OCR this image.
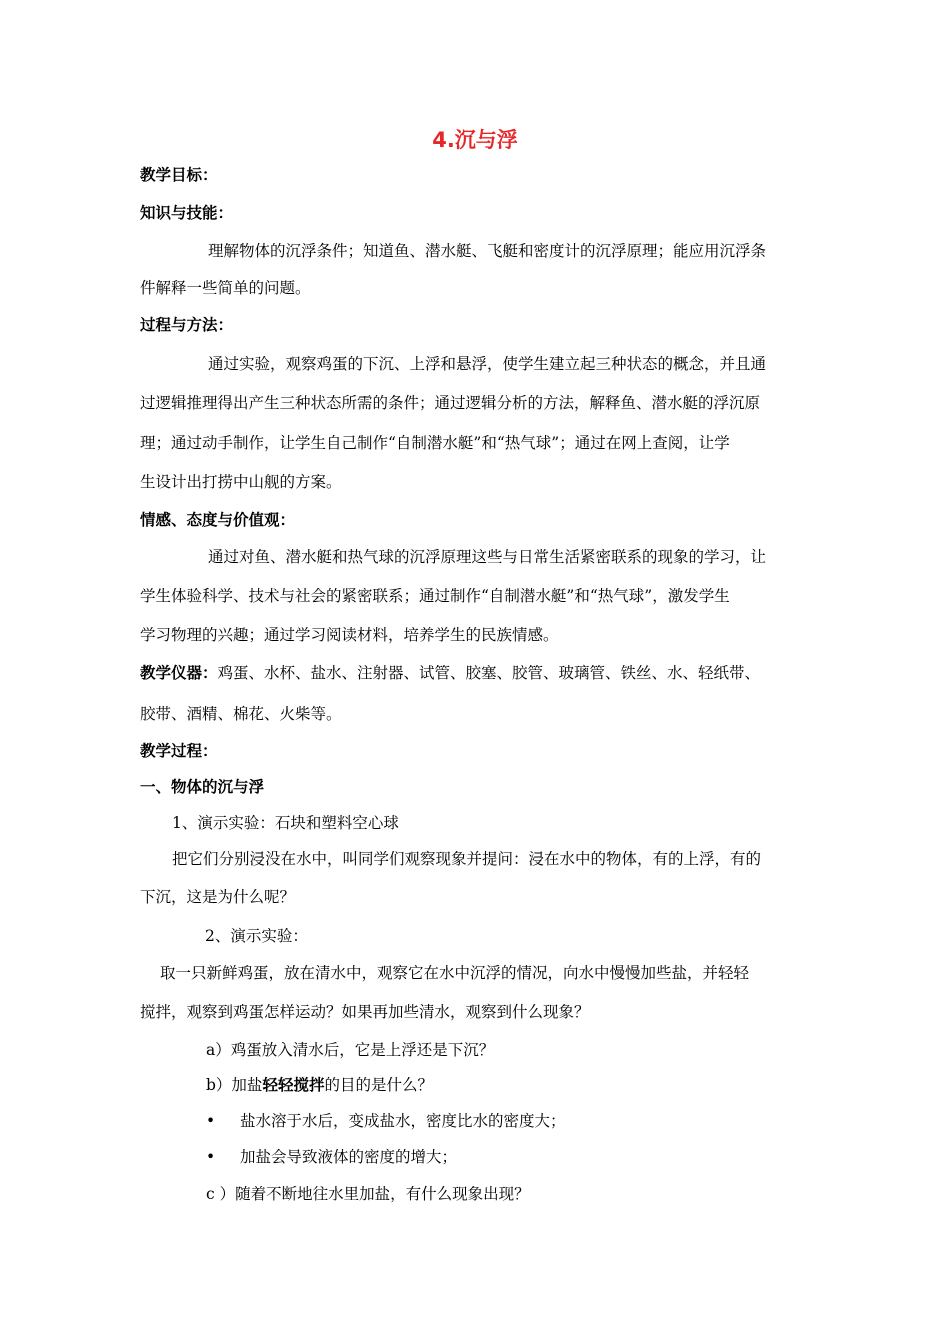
4.沉与浮
教学目标：
知识与技能：
理解物体的沉浮条件；知道鱼、潜水艇、飞艇和密度计的沉浮原理；能应用沉浮条
件解释一些简单的问题。
过程与方法：
通过实验，观察鸡蛋的下沉、上浮和悬浮，使学生建立起三种状态的概念，并且通
过逻辑推理得出产生三种状态所需的条件；通过逻辑分析的方法，解释鱼、潜水艇的浮沉原
理；通过动手制作，让学生自己制作“自制潜水艇”和“热气球”；通过在网上查阅，让学
生设计出打捞中山舰的方案。
情感、态度与价值观：
通过对鱼、潜水艇和热气球的沉浮原理这些与日常生活紧密联系的现象的学习，让
学生体验科学、技术与社会的紧密联系；通过制作“自制潜水艇”和“热气球”，激发学生
学习物理的兴趣；通过学习阅读材料，培养学生的民族情感。
教学仪器：鸡蛋、水杯、盐水、注射器、试管、胶塞、胶管、玻璃管、铁丝、水、轻纸带、
胶带、酒精、棉花、火柴等。
教学过程：
一、物体的沉与浮
1、演示实验：石块和塑料空心球
把它们分别浸没在水中，叫同学们观察现象并提问：浸在水中的物体，有的上浮，有的
下沉，这是为什么呢？
2、演示实验：
取一只新鲜鸡蛋，放在清水中，观察它在水中沉浮的情况，向水中慢慢加些盐，并轻轻
搅拌，观察到鸡蛋怎样运动？如果再加些清水，观察到什么现象？
a）鸡蛋放入清水后，它是上浮还是下沉？
b）加盐轻轻搅拌的目的是什么？
• 盐水溶于水后，变成盐水，密度比水的密度大；
• 加盐会导致液体的密度的增大；
c ）随着不断地往水里加盐，有什么现象出现？
